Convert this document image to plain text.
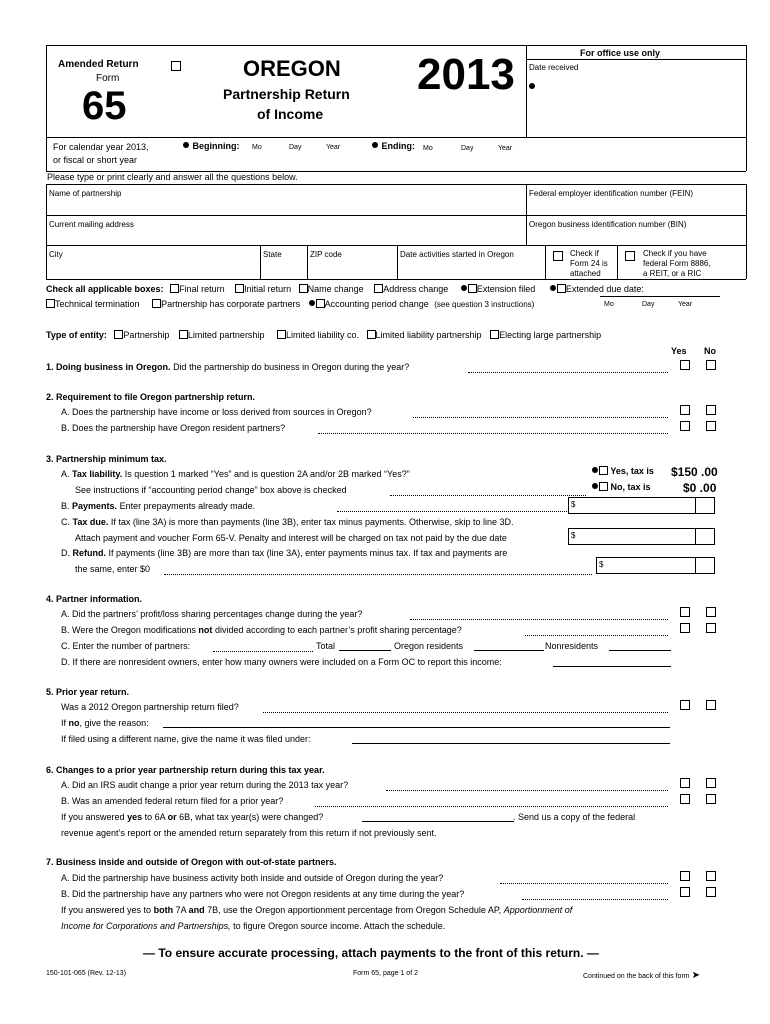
Amended Return
Form
65
OREGON
Partnership Return
of Income
2013	For office use only
Date received
For calendar year 2013,
or fiscal or short year
Beginning: Mo	Day	Year	Ending: Mo	Day	Year
Please type or print clearly and answer all the questions below.
Name of partnership	Federal employer identification number (FEIN)
Current mailing address	Oregon business identification number (BIN)
City	State	ZIP code	Date activities started in Oregon	Check if
Form 24 is
attached
Check if you have
federal Form 8886,
a REIT, or a RIC
Check all applicable boxes: Final return Initial return Name change Address change	Extension filed	Extended due date:
Technical termination Partnership has corporate partners	Accounting period change (see question 3 instructions)	Mo	Day	Year
Type of entity: Partnership Limited partnership Limited liability co. Limited liability partnership Electing large partnership
Yes No
1. Doing business in Oregon. Did the partnership do business in Oregon during the year?
2. Requirement to file Oregon partnership return.
A. Does the partnership have income or loss derived from sources in Oregon?
B. Does the partnership have Oregon resident partners?
3. Partnership minimum tax.
A. Tax liability. Is question 1 marked “Yes” and is question 2A and/or 2B marked “Yes?”
See instructions if “accounting period change” box above is checked
Yes, tax is $150 .00
No, tax is	$0 .00
B. Payments. Enter prepayments already made.	$
C. Tax due. If tax (line 3A) is more than payments (line 3B), enter tax minus payments. Otherwise, skip to line 3D.
Attach payment and voucher Form 65-V. Penalty and interest will be charged on tax not paid by the due date	$
D. Refund. If payments (line 3B) are more than tax (line 3A), enter payments minus tax. If tax and payments are
the same, enter $0	$
4. Partner information.
A. Did the partners’ profit/loss sharing percentages change during the year?
B. Were the Oregon modifications not divided according to each partner’s profit sharing percentage?
C. Enter the number of partners:	Total	Oregon residents	Nonresidents
D. If there are nonresident owners, enter how many owners were included on a Form OC to report this income:
5. Prior year return.
Was a 2012 Oregon partnership return filed?
If no, give the reason:
If filed using a different name, give the name it was filed under:
6. Changes to a prior year partnership return during this tax year.
A. Did an IRS audit change a prior year return during the 2013 tax year?
B. Was an amended federal return filed for a prior year?
If you answered yes to 6A or 6B, what tax year(s) were changed?	. Send us a copy of the federal
revenue agent’s report or the amended return separately from this return if not previously sent.
7. Business inside and outside of Oregon with out-of-state partners.
A. Did the partnership have business activity both inside and outside of Oregon during the year?
B. Did the partnership have any partners who were not Oregon residents at any time during the year?
If you answered yes to both 7A and 7B, use the Oregon apportionment percentage from Oregon Schedule AP, Apportionment of
Income for Corporations and Partnerships, to figure Oregon source income. Attach the schedule.
— To ensure accurate processing, attach payments to the front of this return. —
150-101-065 (Rev. 12-13)	Form 65, page 1 of 2	Continued on the back of this form ➤
